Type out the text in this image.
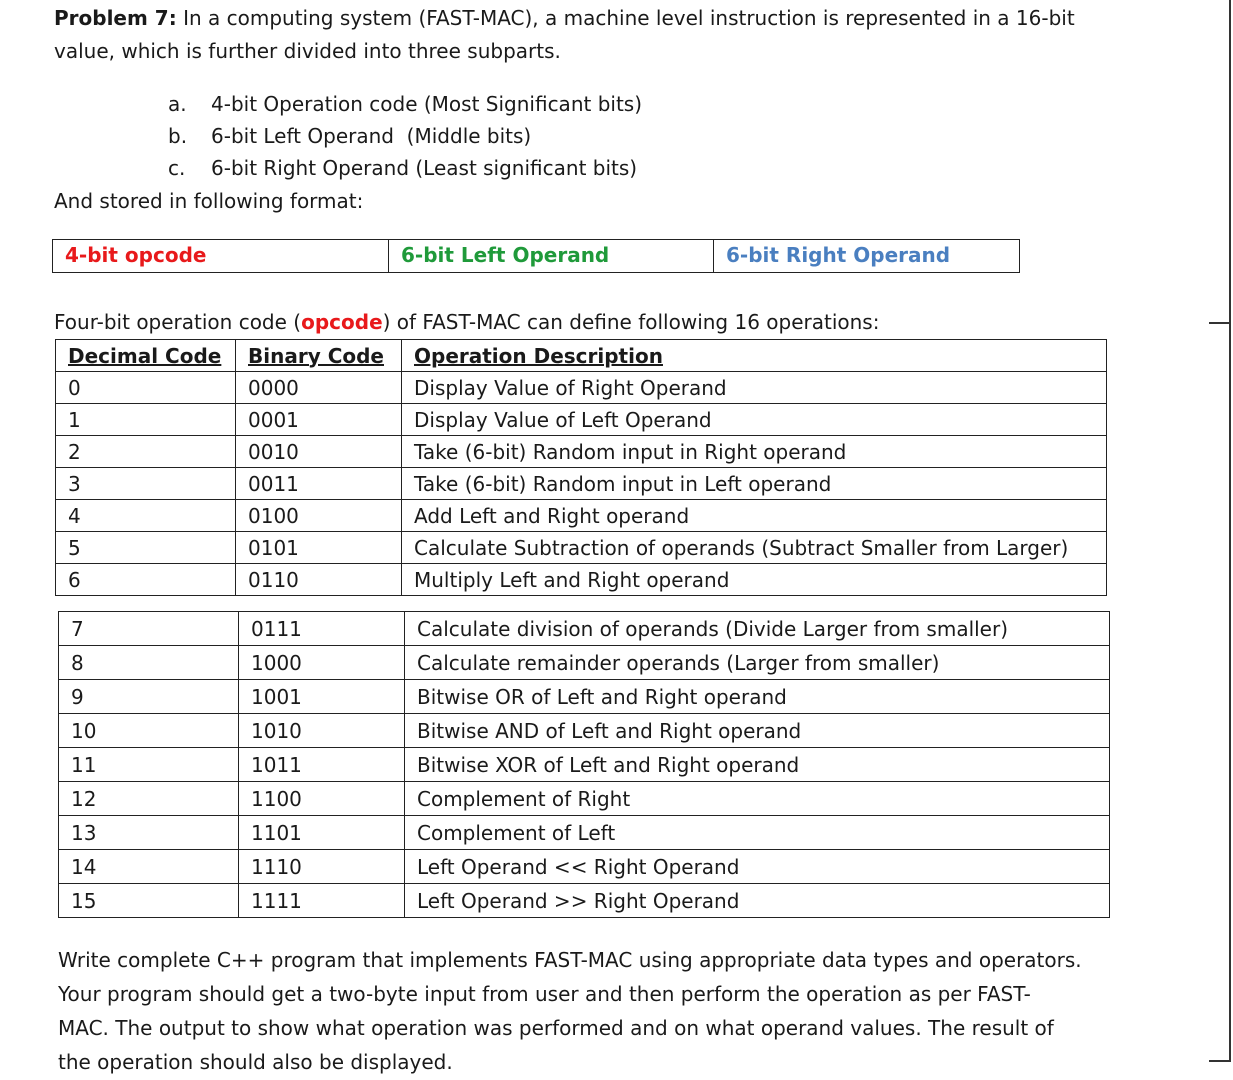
Problem 7: In a computing system (FAST-MAC), a machine level instruction is represented in a 16-bit
value, which is further divided into three subparts.
a. 4-bit Operation code (Most Significant bits)
b. 6-bit Left Operand  (Middle bits)
c. 6-bit Right Operand (Least significant bits)
And stored in following format:
4-bit opcode	6-bit Left Operand	6-bit Right Operand
Four-bit operation code (opcode) of FAST-MAC can define following 16 operations:
Decimal Code	Binary Code	Operation Description
0	0000	Display Value of Right Operand
1	0001	Display Value of Left Operand
2	0010	Take (6-bit) Random input in Right operand
3	0011	Take (6-bit) Random input in Left operand
4	0100	Add Left and Right operand
5	0101	Calculate Subtraction of operands (Subtract Smaller from Larger)
6	0110	Multiply Left and Right operand
7	0111	Calculate division of operands (Divide Larger from smaller)
8	1000	Calculate remainder operands (Larger from smaller)
9	1001	Bitwise OR of Left and Right operand
10	1010	Bitwise AND of Left and Right operand
11	1011	Bitwise XOR of Left and Right operand
12	1100	Complement of Right
13	1101	Complement of Left
14	1110	Left Operand << Right Operand
15	1111	Left Operand >> Right Operand
Write complete C++ program that implements FAST-MAC using appropriate data types and operators.
Your program should get a two-byte input from user and then perform the operation as per FAST-
MAC. The output to show what operation was performed and on what operand values. The result of
the operation should also be displayed.
